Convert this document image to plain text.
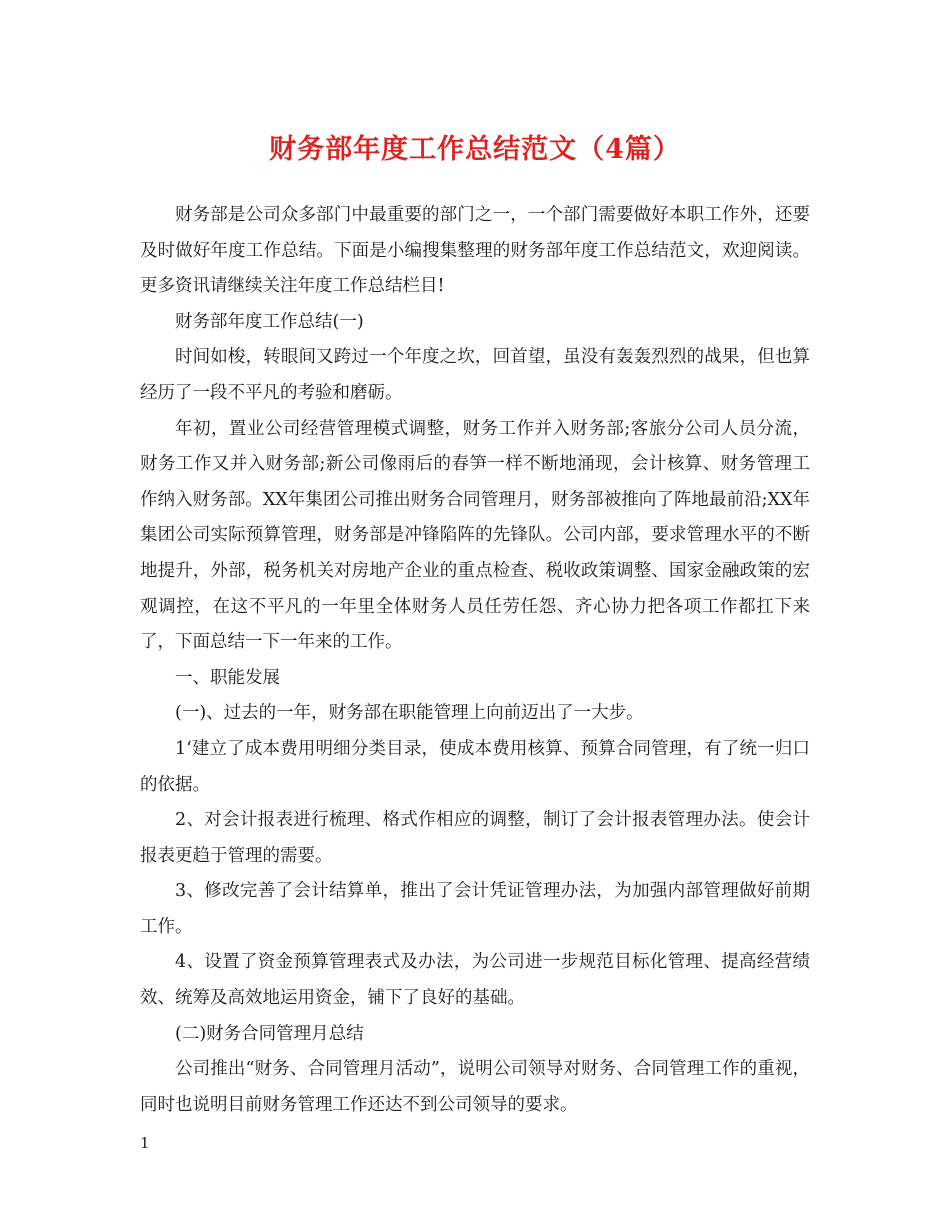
财务部年度工作总结范文（4篇）

财务部是公司众多部门中最重要的部门之一，一个部门需要做好本职工作外，还要及时做好年度工作总结。下面是小编搜集整理的财务部年度工作总结范文，欢迎阅读。更多资讯请继续关注年度工作总结栏目!

财务部年度工作总结(一)

时间如梭，转眼间又跨过一个年度之坎，回首望，虽没有轰轰烈烈的战果，但也算经历了一段不平凡的考验和磨砺。

年初，置业公司经营管理模式调整，财务工作并入财务部;客旅分公司人员分流，财务工作又并入财务部;新公司像雨后的春笋一样不断地涌现，会计核算、财务管理工作纳入财务部。XX年集团公司推出财务合同管理月，财务部被推向了阵地最前沿;XX年集团公司实际预算管理，财务部是冲锋陷阵的先锋队。公司内部，要求管理水平的不断地提升，外部，税务机关对房地产企业的重点检查、税收政策调整、国家金融政策的宏观调控，在这不平凡的一年里全体财务人员任劳任怨、齐心协力把各项工作都扛下来了，下面总结一下一年来的工作。

一、职能发展

(一)、过去的一年，财务部在职能管理上向前迈出了一大步。

1‘建立了成本费用明细分类目录，使成本费用核算、预算合同管理，有了统一归口的依据。

2、对会计报表进行梳理、格式作相应的调整，制订了会计报表管理办法。使会计报表更趋于管理的需要。

3、修改完善了会计结算单，推出了会计凭证管理办法，为加强内部管理做好前期工作。

4、设置了资金预算管理表式及办法，为公司进一步规范目标化管理、提高经营绩效、统筹及高效地运用资金，铺下了良好的基础。

(二)财务合同管理月总结

公司推出“财务、合同管理月活动”，说明公司领导对财务、合同管理工作的重视，同时也说明目前财务管理工作还达不到公司领导的要求。

1
